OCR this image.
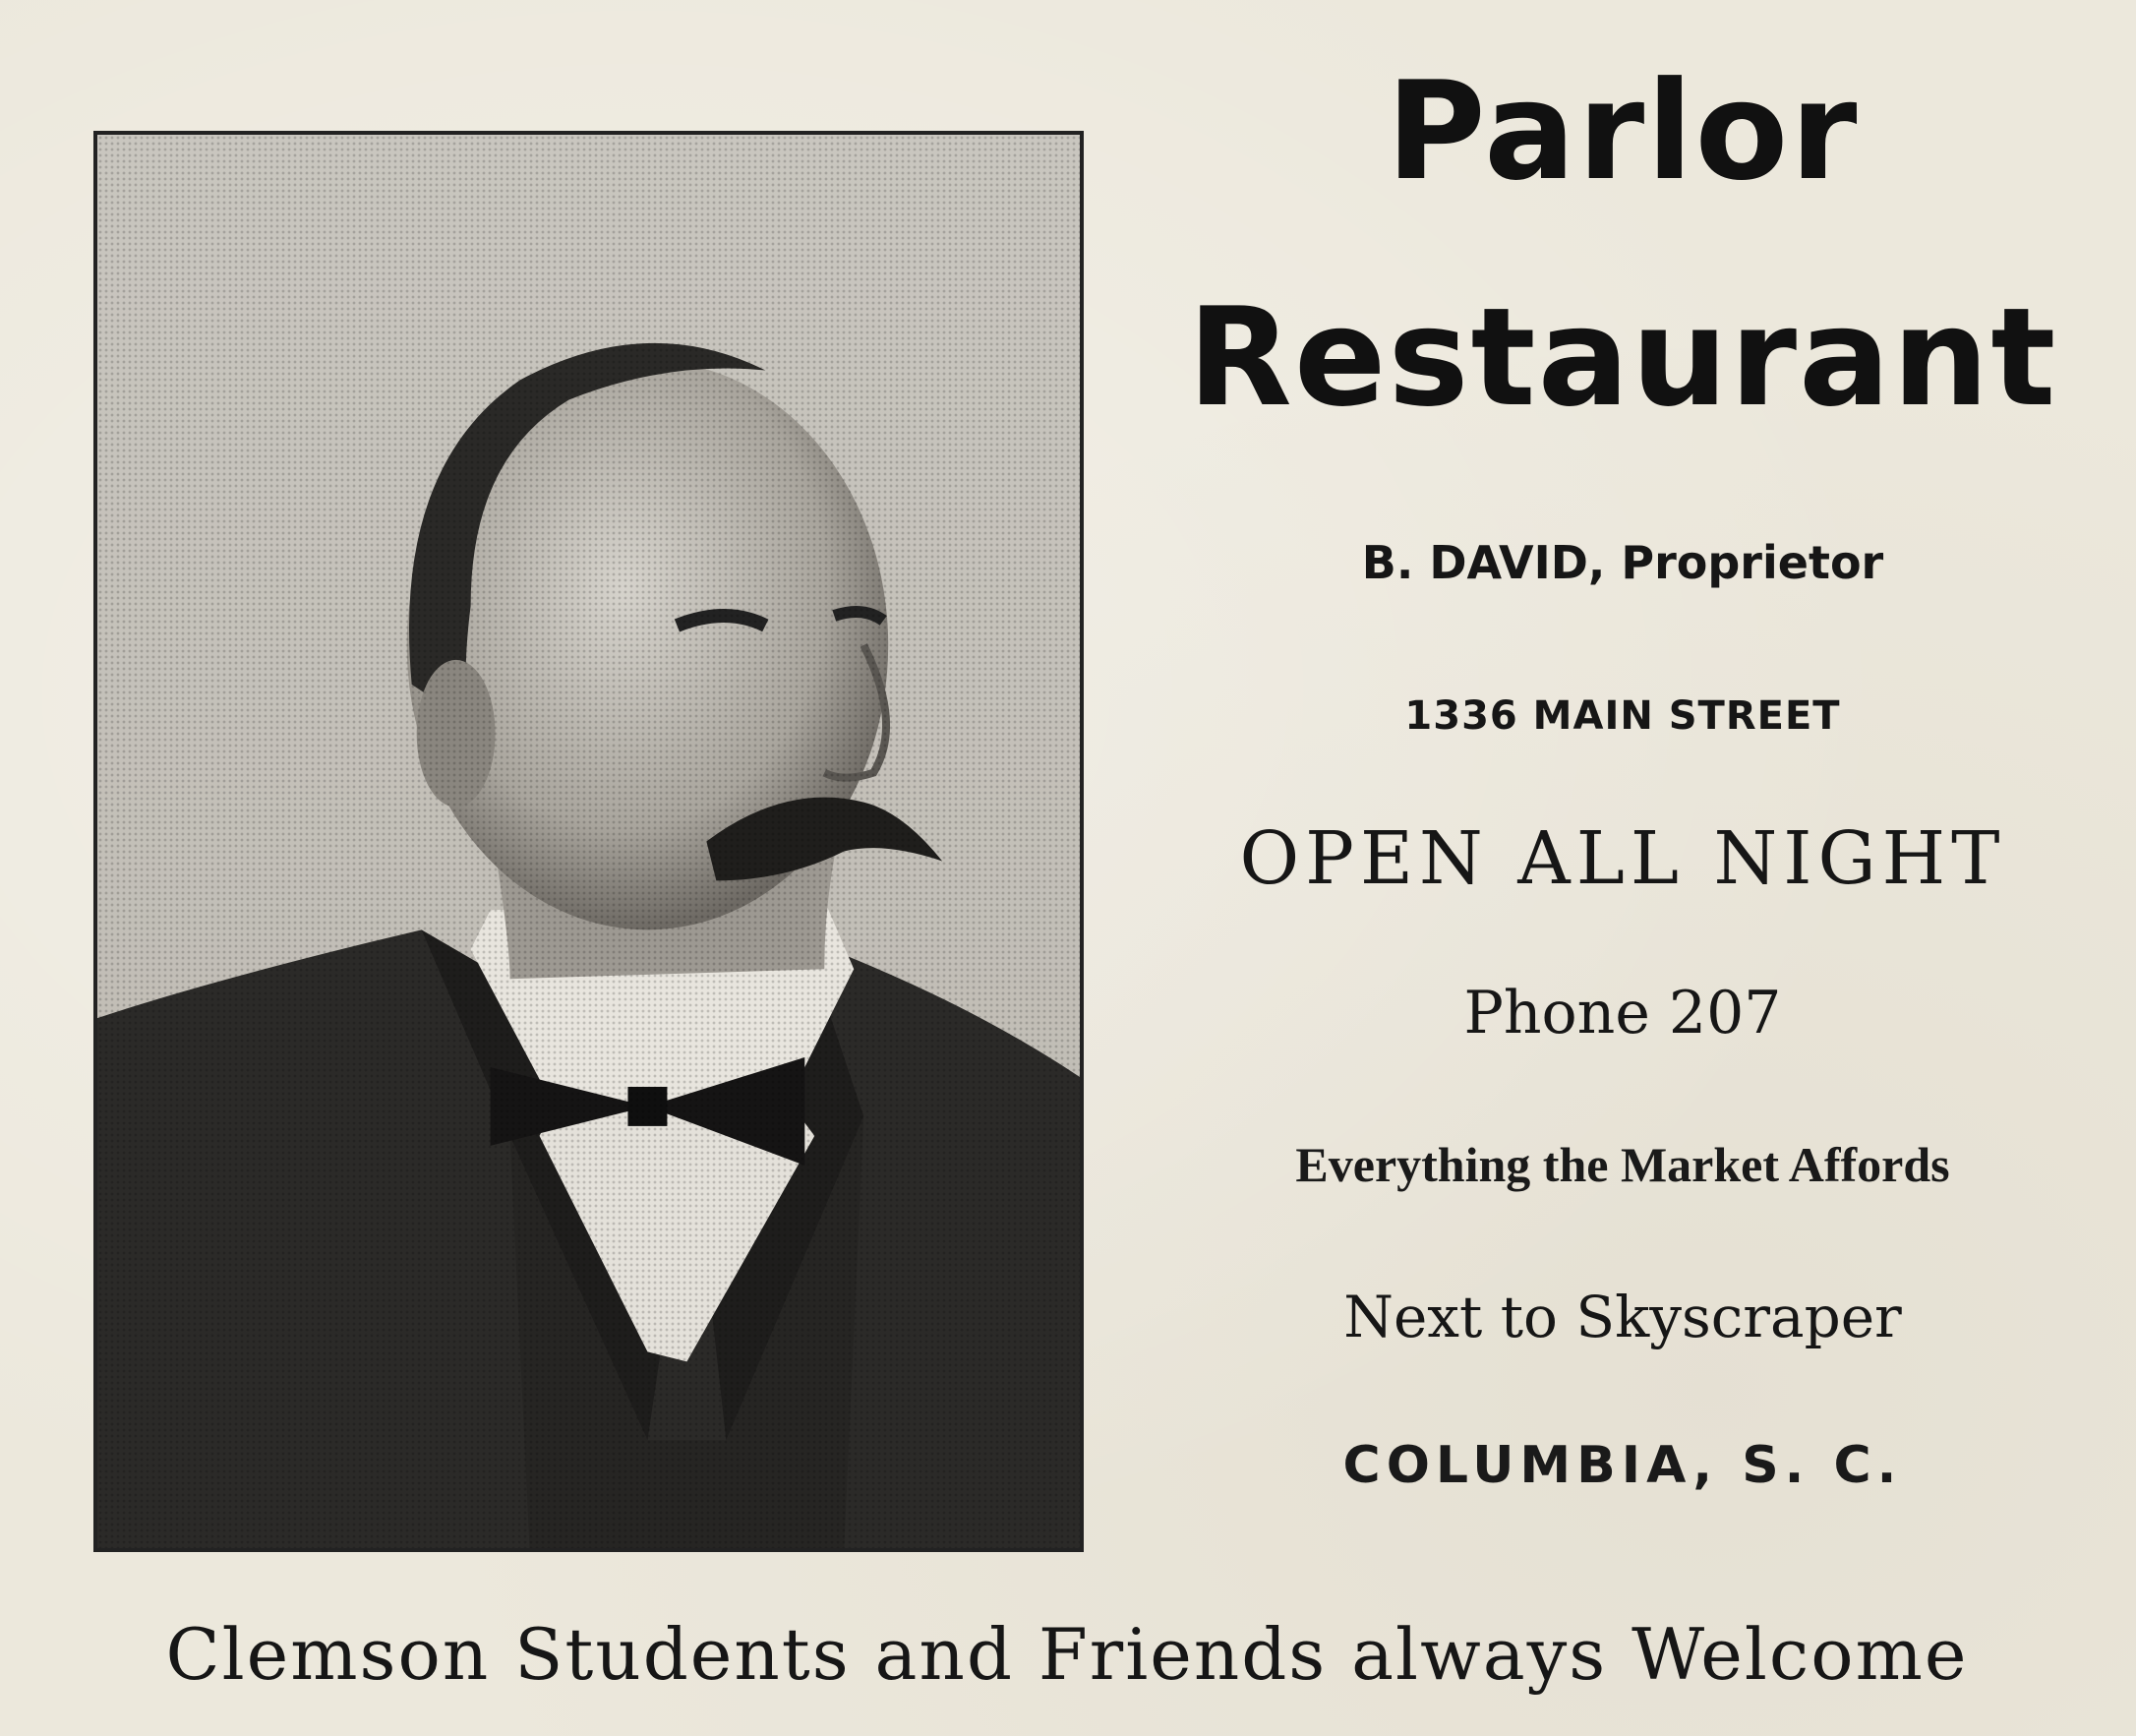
Parlor
Restaurant
B. DAVID, Proprietor
1336 MAIN STREET
OPEN ALL NIGHT
Phone 207
Everything the Market Affords
Next to Skyscraper
COLUMBIA, S. C.
Clemson Students and Friends always Welcome
